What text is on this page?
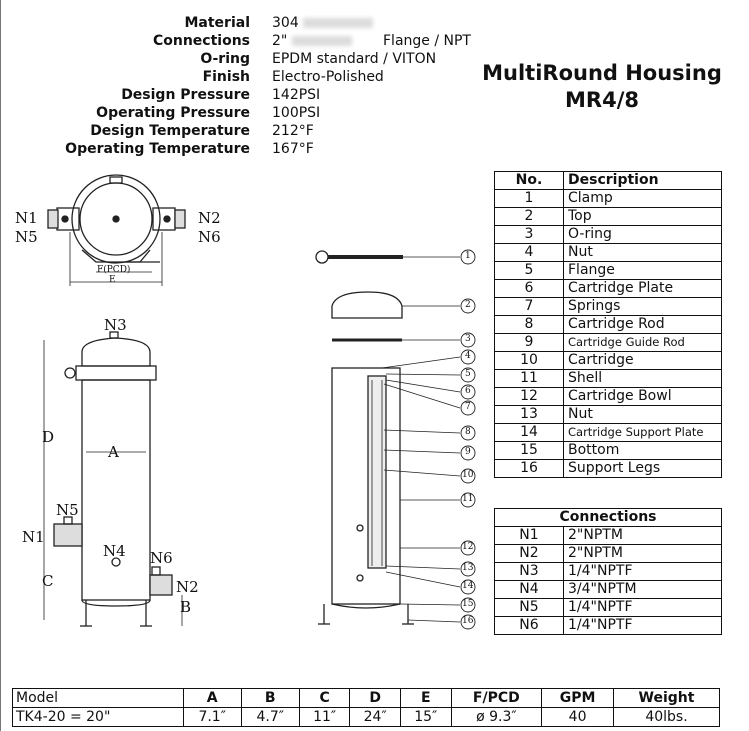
Material 304
Connections 2"	Flange / NPT
O-ring EPDM standard / VITON
Finish Electro-Polished
Design Pressure 142PSI
Operating Pressure 100PSI
Design Temperature 212°F
Operating Temperature 167°F
MultiRound Housing
MR4/8
N1
N5
N2
N6
F(PCD)
E
N3
D
A
N5
N1
N4 N6
C	N2
B
1
2
3
4
5
6
7
8
9
10
11
12
13
14
15
16
No.	Description
1	Clamp
2	Top
3	O-ring
4	Nut
5	Flange
6	Cartridge Plate
7	Springs
8	Cartridge Rod
9	Cartridge Guide Rod
10	Cartridge
11	Shell
12	Cartridge Bowl
13	Nut
14	Cartridge Support Plate
15	Bottom
16	Support Legs
Connections	
N1	2"NPTM
N2	2"NPTM
N3	1/4"NPTF
N4	3/4"NPTM
N5	1/4"NPTF
N6	1/4"NPTF
Model	A	B	C	D	E	F/PCD	GPM	Weight
TK4-20 = 20"	7.1″	4.7″	11″	24″	15″	ø 9.3″	40	40lbs.
